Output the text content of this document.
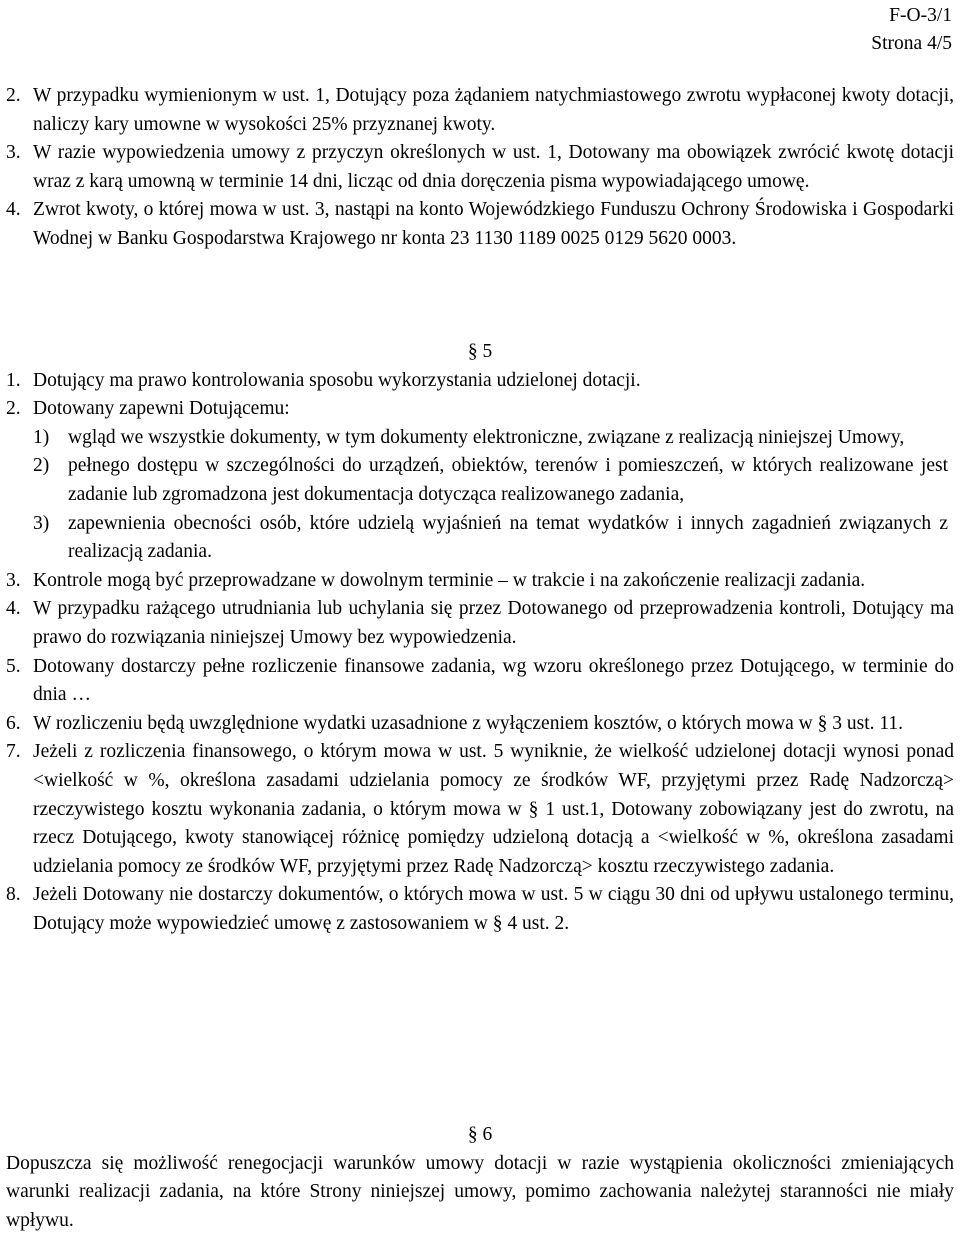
F-O-3/1
Strona 4/5
2. W przypadku wymienionym w ust. 1, Dotujący poza żądaniem natychmiastowego zwrotu wypłaconej kwoty dotacji, naliczy kary umowne w wysokości 25% przyznanej kwoty.
3. W razie wypowiedzenia umowy z przyczyn określonych w ust. 1, Dotowany ma obowiązek zwrócić kwotę dotacji wraz z karą umowną w terminie 14 dni, licząc od dnia doręczenia pisma wypowiadającego umowę.
4. Zwrot kwoty, o której mowa w ust. 3, nastąpi na konto Wojewódzkiego Funduszu Ochrony Środowiska i Gospodarki Wodnej w Banku Gospodarstwa Krajowego nr konta 23 1130 1189 0025 0129 5620 0003.
§ 5
1. Dotujący ma prawo kontrolowania sposobu wykorzystania udzielonej dotacji.
2. Dotowany zapewni Dotującemu:
1) wgląd we wszystkie dokumenty, w tym dokumenty elektroniczne, związane z realizacją niniejszej Umowy,
2) pełnego dostępu w szczególności do urządzeń, obiektów, terenów i pomieszczeń, w których realizowane jest zadanie lub zgromadzona jest dokumentacja dotycząca realizowanego zadania,
3) zapewnienia obecności osób, które udzielą wyjaśnień na temat wydatków i innych zagadnień związanych z realizacją zadania.
3. Kontrole mogą być przeprowadzane w dowolnym terminie – w trakcie i na zakończenie realizacji zadania.
4. W przypadku rażącego utrudniania lub uchylania się przez Dotowanego od przeprowadzenia kontroli, Dotujący ma prawo do rozwiązania niniejszej Umowy bez wypowiedzenia.
5. Dotowany dostarczy pełne rozliczenie finansowe zadania, wg wzoru określonego przez Dotującego, w terminie do dnia …
6. W rozliczeniu będą uwzględnione wydatki uzasadnione z wyłączeniem kosztów, o których mowa w § 3 ust. 11.
7. Jeżeli z rozliczenia finansowego, o którym mowa w ust. 5 wyniknie, że wielkość udzielonej dotacji wynosi ponad <wielkość w %, określona zasadami udzielania pomocy ze środków WF, przyjętymi przez Radę Nadzorczą> rzeczywistego kosztu wykonania zadania, o którym mowa w § 1 ust.1, Dotowany zobowiązany jest do zwrotu, na rzecz Dotującego, kwoty stanowiącej różnicę pomiędzy udzieloną dotacją a <wielkość w %, określona zasadami udzielania pomocy ze środków WF, przyjętymi przez Radę Nadzorczą> kosztu rzeczywistego zadania.
8. Jeżeli Dotowany nie dostarczy dokumentów, o których mowa w ust. 5 w ciągu 30 dni od upływu ustalonego terminu, Dotujący może wypowiedzieć umowę z zastosowaniem w § 4 ust. 2.
§ 6
Dopuszcza się możliwość renegocjacji warunków umowy dotacji w razie wystąpienia okoliczności zmieniających warunki realizacji zadania, na które Strony niniejszej umowy, pomimo zachowania należytej staranności nie miały wpływu.
